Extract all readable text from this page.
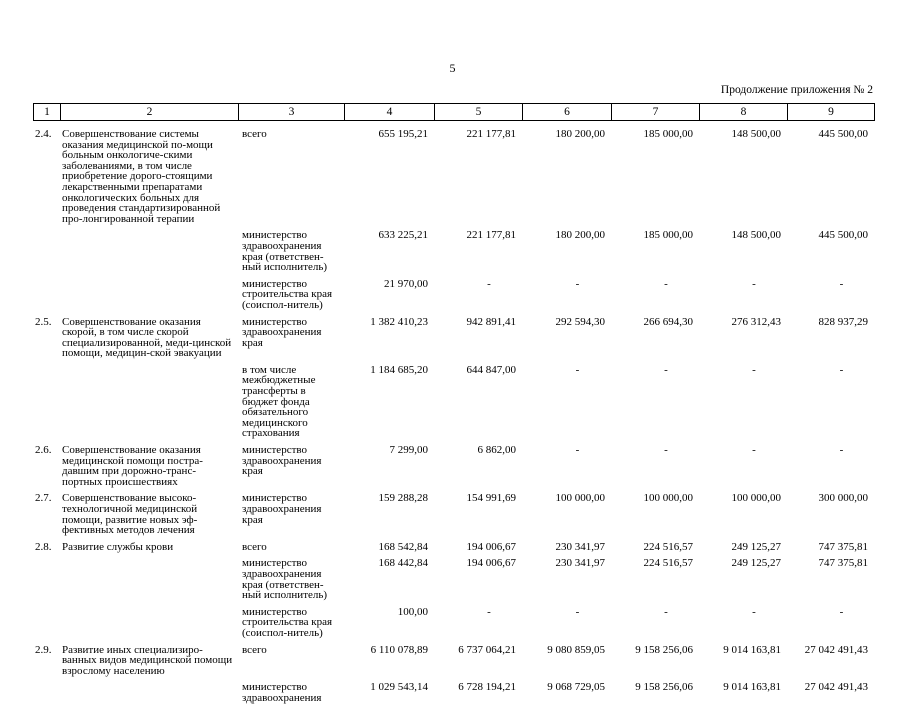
5
Продолжение приложения № 2
1	2	3	4	5	6	7	8	9
2.4.	Совершенствование системы оказания медицинской по-мощи больным онкологиче-скими заболеваниями, в том числе приобретение дорого-стоящими лекарственными препаратами онкологических больных для проведения стандартизированной про-лонгированной терапии	всего	655 195,21	221 177,81	180 200,00	185 000,00	148 500,00	445 500,00
		министерство здравоохранения края (ответствен-ный исполнитель)	633 225,21	221 177,81	180 200,00	185 000,00	148 500,00	445 500,00
		министерство строительства края (соиспол-нитель)	21 970,00	-	-	-	-	-
2.5.	Совершенствование оказания скорой, в том числе скорой специализированной, меди-цинской помощи, медицин-ской эвакуации	министерство здравоохранения края	1 382 410,23	942 891,41	292 594,30	266 694,30	276 312,43	828 937,29
		в том числе межбюджетные трансферты в бюджет фонда обязательного медицинского страхования	1 184 685,20	644 847,00	-	-	-	-
2.6.	Совершенствование оказания медицинской помощи постра-давшим при дорожно-транс-портных происшествиях	министерство здравоохранения края	7 299,00	6 862,00	-	-	-	-
2.7.	Совершенствование высоко-технологичной медицинской помощи, развитие новых эф-фективных методов лечения	министерство здравоохранения края	159 288,28	154 991,69	100 000,00	100 000,00	100 000,00	300 000,00
2.8.	Развитие службы крови	всего	168 542,84	194 006,67	230 341,97	224 516,57	249 125,27	747 375,81
		министерство здравоохранения края (ответствен-ный исполнитель)	168 442,84	194 006,67	230 341,97	224 516,57	249 125,27	747 375,81
		министерство строительства края (соиспол-нитель)	100,00	-	-	-	-	-
2.9.	Развитие иных специализиро-ванных видов медицинской помощи взрослому населению	всего	6 110 078,89	6 737 064,21	9 080 859,05	9 158 256,06	9 014 163,81	27 042 491,43
		министерство здравоохранения	1 029 543,14	6 728 194,21	9 068 729,05	9 158 256,06	9 014 163,81	27 042 491,43
